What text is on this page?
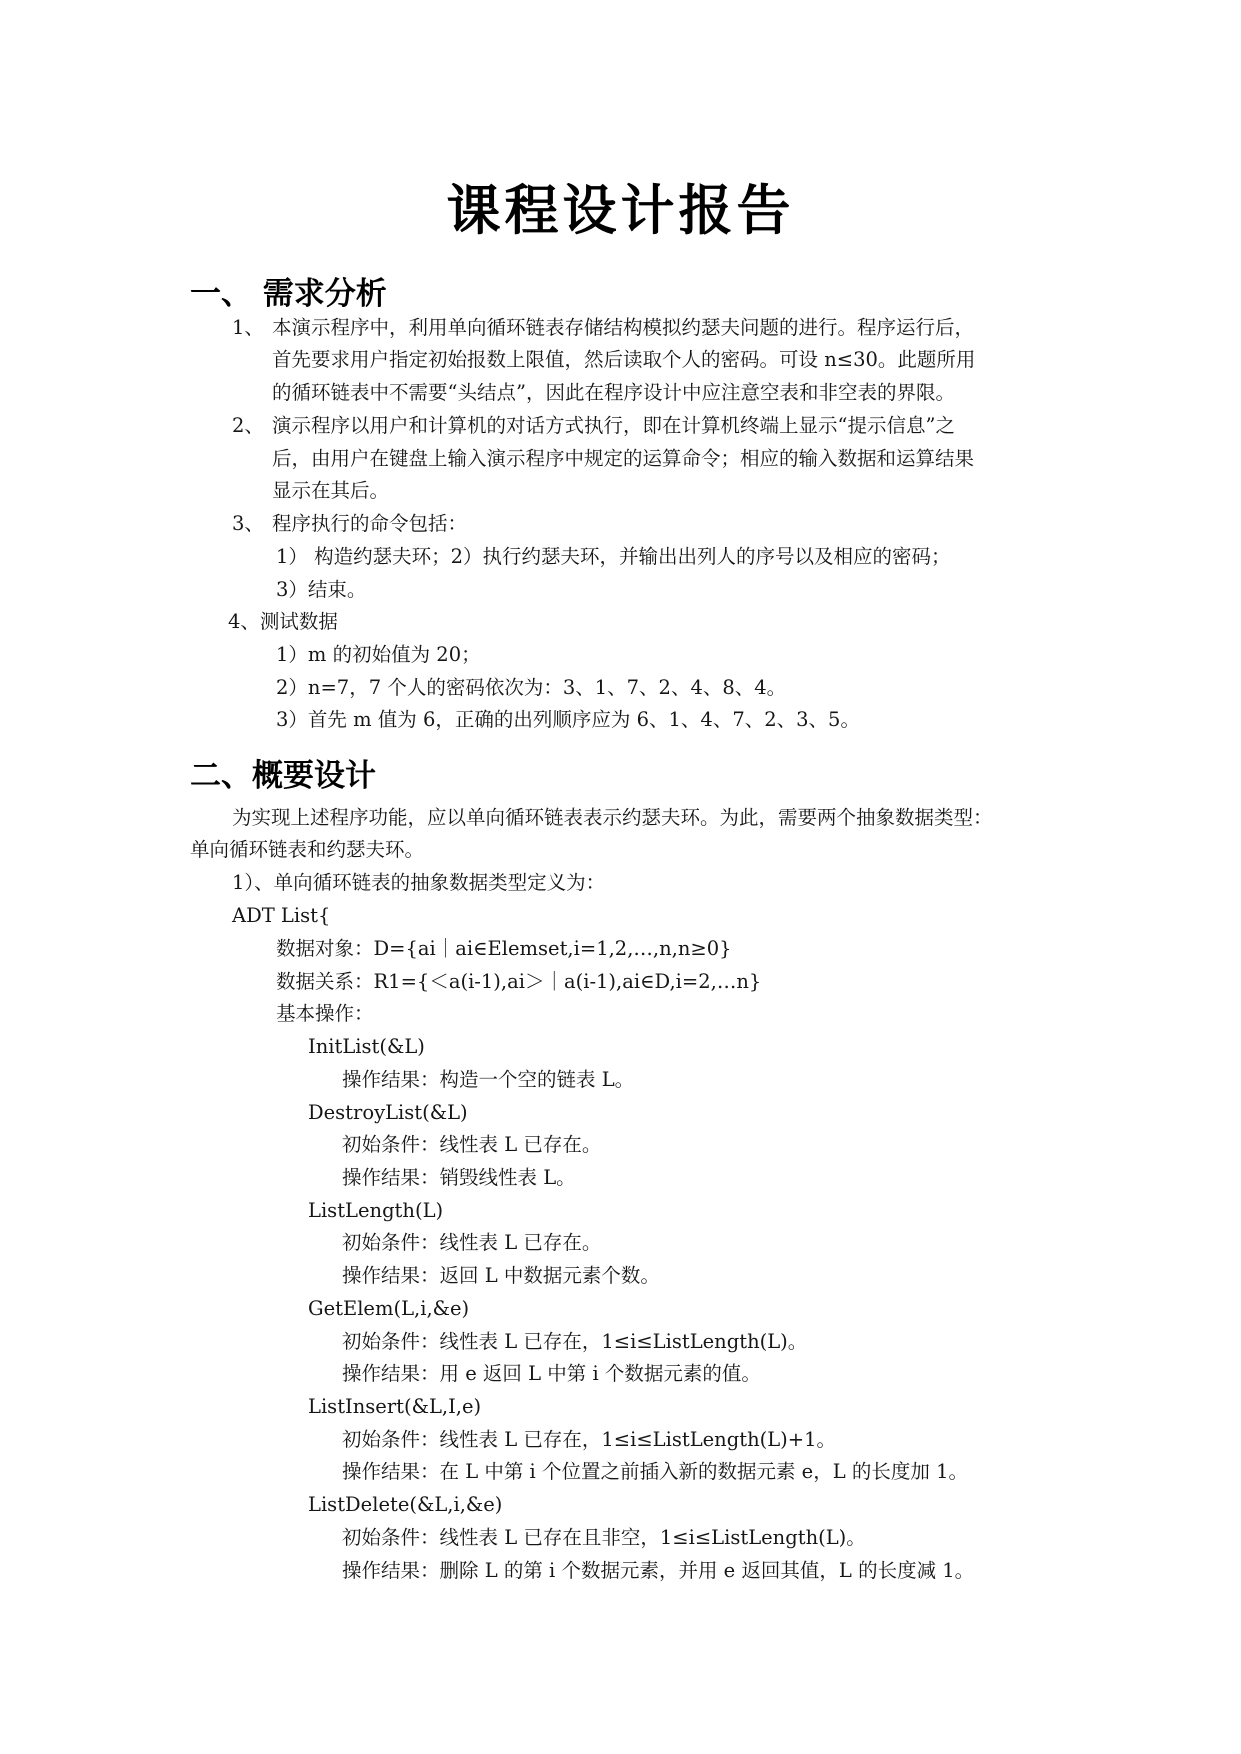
课程设计报告
一、 需求分析
1、 本演示程序中，利用单向循环链表存储结构模拟约瑟夫问题的进行。程序运行后，
首先要求用户指定初始报数上限值，然后读取个人的密码。可设 n≤30。此题所用
的循环链表中不需要“头结点”，因此在程序设计中应注意空表和非空表的界限。
2、 演示程序以用户和计算机的对话方式执行，即在计算机终端上显示“提示信息”之
后，由用户在键盘上输入演示程序中规定的运算命令；相应的输入数据和运算结果
显示在其后。
3、 程序执行的命令包括：
1） 构造约瑟夫环；2）执行约瑟夫环，并输出出列人的序号以及相应的密码；
3）结束。
4、测试数据
1）m 的初始值为 20；
2）n=7，7 个人的密码依次为：3、1、7、2、4、8、4。
3）首先 m 值为 6，正确的出列顺序应为 6、1、4、7、2、3、5。
二、概要设计
为实现上述程序功能，应以单向循环链表表示约瑟夫环。为此，需要两个抽象数据类型：
单向循环链表和约瑟夫环。
1）、单向循环链表的抽象数据类型定义为：
ADT List{
数据对象：D={ai｜ai∈Elemset,i=1,2,…,n,n≥0}
数据关系：R1={＜a(i-1),ai＞｜a(i-1),ai∈D,i=2,…n}
基本操作：
InitList(&L)
操作结果：构造一个空的链表 L。
DestroyList(&L)
初始条件：线性表 L 已存在。
操作结果：销毁线性表 L。
ListLength(L)
初始条件：线性表 L 已存在。
操作结果：返回 L 中数据元素个数。
GetElem(L,i,&e)
初始条件：线性表 L 已存在，1≤i≤ListLength(L)。
操作结果：用 e 返回 L 中第 i 个数据元素的值。
ListInsert(&L,I,e)
初始条件：线性表 L 已存在，1≤i≤ListLength(L)+1。
操作结果：在 L 中第 i 个位置之前插入新的数据元素 e，L 的长度加 1。
ListDelete(&L,i,&e)
初始条件：线性表 L 已存在且非空，1≤i≤ListLength(L)。
操作结果：删除 L 的第 i 个数据元素，并用 e 返回其值，L 的长度减 1。
